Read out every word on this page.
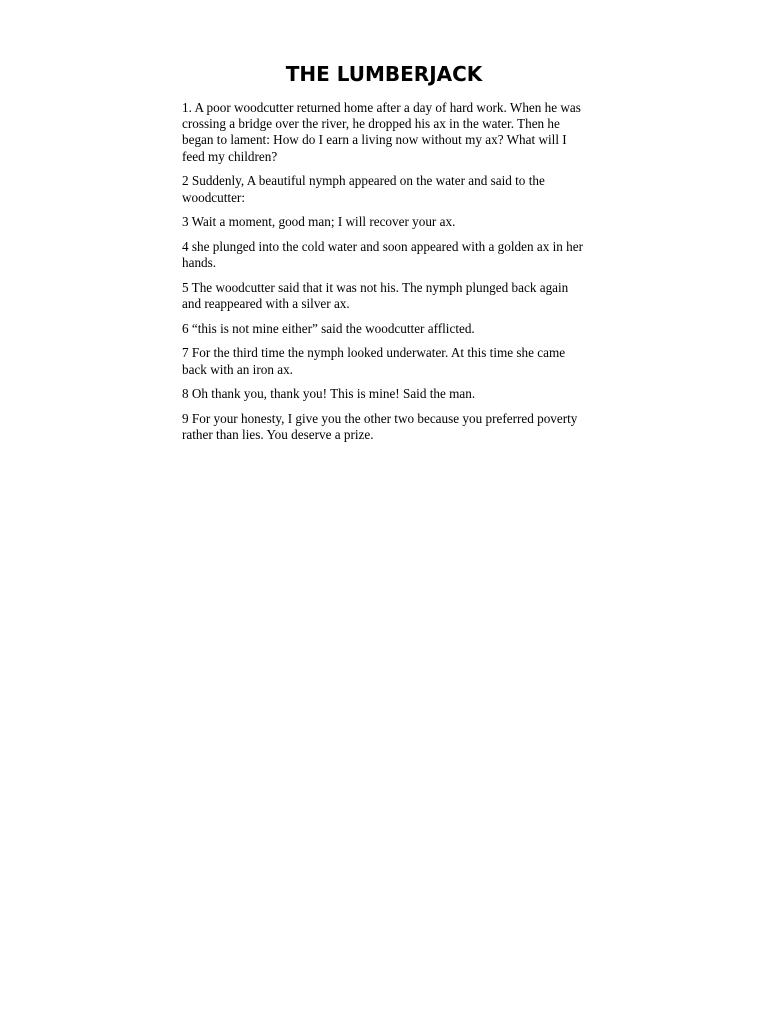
THE LUMBERJACK

1. A poor woodcutter returned home after a day of hard work. When he was crossing a bridge over the river, he dropped his ax in the water. Then he began to lament: How do I earn a living now without my ax? What will I feed my children?

2 Suddenly, A beautiful nymph appeared on the water and said to the woodcutter:

3 Wait a moment, good man; I will recover your ax.

4 she plunged into the cold water and soon appeared with a golden ax in her hands.

5 The woodcutter said that it was not his. The nymph plunged back again and reappeared with a silver ax.

6 “this is not mine either” said the woodcutter afflicted.

7 For the third time the nymph looked underwater. At this time she came back with an iron ax.

8 Oh thank you, thank you! This is mine! Said the man.

9 For your honesty, I give you the other two because you preferred poverty rather than lies. You deserve a prize.
